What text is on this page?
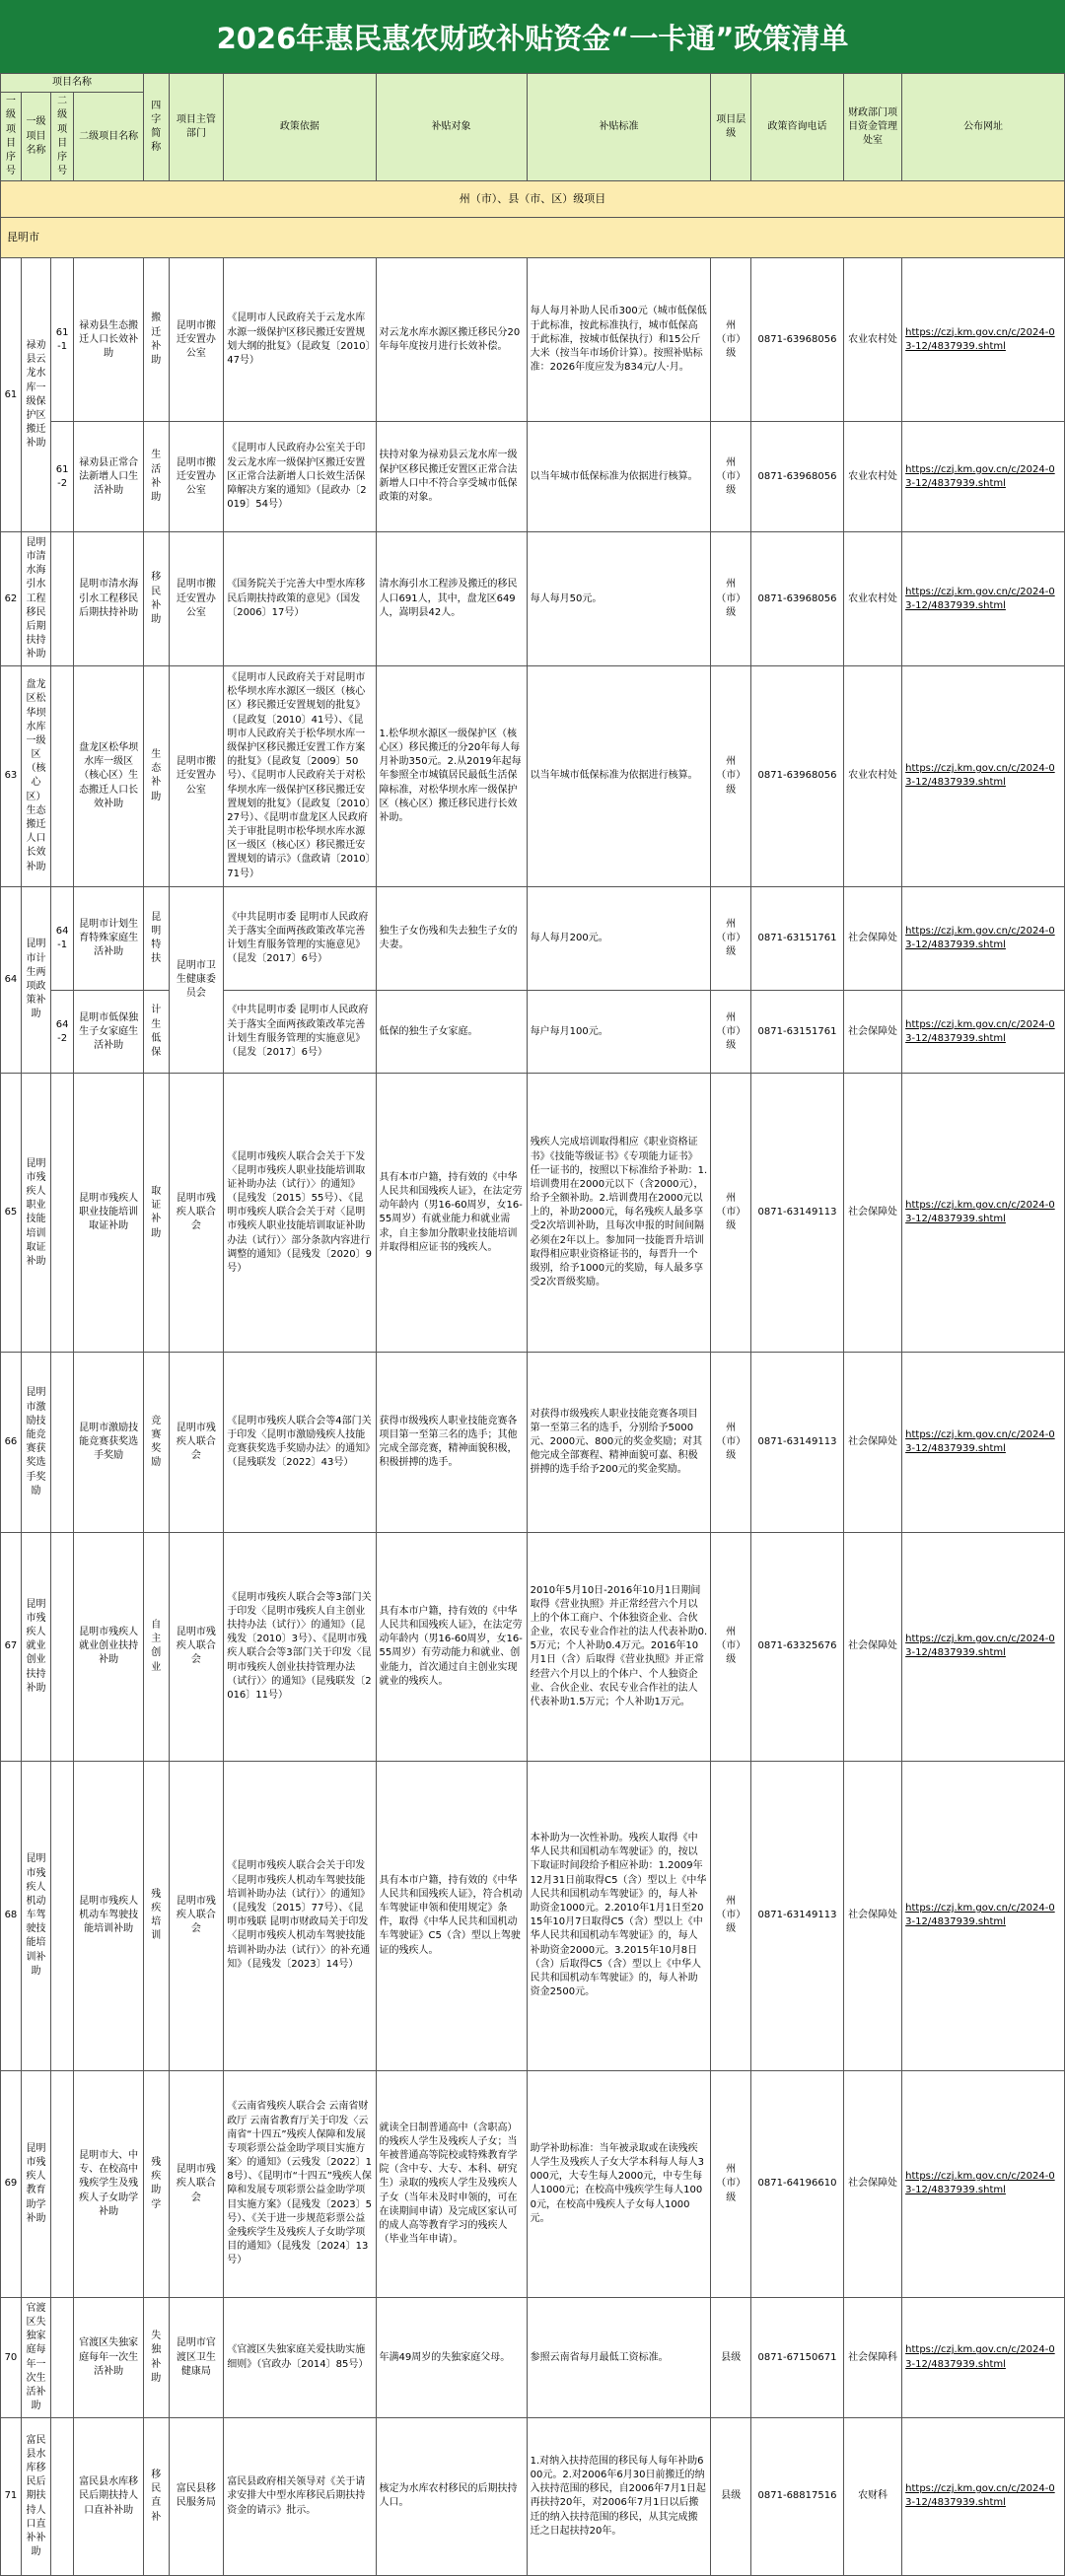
2026年惠民惠农财政补贴资金“一卡通”政策清单
项目名称				四字简称	项目主管部门	政策依据	补贴对象	补贴标准	项目层级	政策咨询电话	财政部门项目资金管理处室	公布网址
一级项目序号	一级项目名称	二级项目序号	二级项目名称									
州（市）、县（市、区）级项目												
昆明市												
61	禄劝县云龙水库一级保护区搬迁补助	61-1	禄劝县生态搬迁人口长效补助	搬迁补助	昆明市搬迁安置办公室	《昆明市人民政府关于云龙水库水源一级保护区移民搬迁安置规划大纲的批复》（昆政复〔2010〕47号）	对云龙水库水源区搬迁移民分20年每年度按月进行长效补偿。	每人每月补助人民币300元（城市低保低于此标准，按此标准执行，城市低保高于此标准，按城市低保执行）和15公斤大米（按当年市场价计算）。按照补贴标准：2026年度应发为834元/人·月。	州（市）级	0871-63968056	农业农村处	https://czj.km.gov.cn/c/2024-03-12/4837939.shtml
		61-2	禄劝县正常合法新增人口生活补助	生活补助	昆明市搬迁安置办公室	《昆明市人民政府办公室关于印发云龙水库一级保护区搬迁安置区正常合法新增人口长效生活保障解决方案的通知》（昆政办〔2019〕54号）	扶持对象为禄劝县云龙水库一级保护区移民搬迁安置区正常合法新增人口中不符合享受城市低保政策的对象。	以当年城市低保标准为依据进行核算。	州（市）级	0871-63968056	农业农村处	https://czj.km.gov.cn/c/2024-03-12/4837939.shtml
62	昆明市清水海引水工程移民后期扶持补助		昆明市清水海引水工程移民后期扶持补助	移民补助	昆明市搬迁安置办公室	《国务院关于完善大中型水库移民后期扶持政策的意见》（国发〔2006〕17号）	清水海引水工程涉及搬迁的移民人口691人，其中，盘龙区649人，嵩明县42人。	每人每月50元。	州（市）级	0871-63968056	农业农村处	https://czj.km.gov.cn/c/2024-03-12/4837939.shtml
63	盘龙区松华坝水库一级区（核心区）生态搬迁人口长效补助		盘龙区松华坝水库一级区（核心区）生态搬迁人口长效补助	生态补助	昆明市搬迁安置办公室	《昆明市人民政府关于对昆明市松华坝水库水源区一级区（核心区）移民搬迁安置规划的批复》（昆政复〔2010〕41号）、《昆明市人民政府关于松华坝水库一级保护区移民搬迁安置工作方案的批复》（昆政复〔2009〕50号）、《昆明市人民政府关于对松华坝水库一级保护区移民搬迁安置规划的批复》（昆政复〔2010〕27号）、《昆明市盘龙区人民政府关于审批昆明市松华坝水库水源区一级区（核心区）移民搬迁安置规划的请示》（盘政请〔2010〕71号）	1.松华坝水源区一级保护区（核心区）移民搬迁的分20年每人每月补助350元。2.从2019年起每年参照全市城镇居民最低生活保障标准，对松华坝水库一级保护区（核心区）搬迁移民进行长效补助。	以当年城市低保标准为依据进行核算。	州（市）级	0871-63968056	农业农村处	https://czj.km.gov.cn/c/2024-03-12/4837939.shtml
64	昆明市计生两项政策补助	64-1	昆明市计划生育特殊家庭生活补助	昆明特扶	昆明市卫生健康委员会	《中共昆明市委 昆明市人民政府关于落实全面两孩政策改革完善计划生育服务管理的实施意见》（昆发〔2017〕6号）	独生子女伤残和失去独生子女的夫妻。	每人每月200元。	州（市）级	0871-63151761	社会保障处	https://czj.km.gov.cn/c/2024-03-12/4837939.shtml
		64-2	昆明市低保独生子女家庭生活补助	计生低保		《中共昆明市委 昆明市人民政府关于落实全面两孩政策改革完善计划生育服务管理的实施意见》（昆发〔2017〕6号）	低保的独生子女家庭。	每户每月100元。	州（市）级	0871-63151761	社会保障处	https://czj.km.gov.cn/c/2024-03-12/4837939.shtml
65	昆明市残疾人职业技能培训取证补助		昆明市残疾人职业技能培训取证补助	取证补助	昆明市残疾人联合会	《昆明市残疾人联合会关于下发〈昆明市残疾人职业技能培训取证补助办法（试行）〉的通知》（昆残发〔2015〕55号）、《昆明市残疾人联合会关于对〈昆明市残疾人职业技能培训取证补助办法（试行）〉部分条款内容进行调整的通知》（昆残发〔2020〕9号）	具有本市户籍，持有效的《中华人民共和国残疾人证》，在法定劳动年龄内（男16-60周岁，女16-55周岁）有就业能力和就业需求，自主参加分散职业技能培训并取得相应证书的残疾人。	残疾人完成培训取得相应《职业资格证书》《技能等级证书》《专项能力证书》任一证书的，按照以下标准给予补助：1.培训费用在2000元以下（含2000元），给予全额补助。2.培训费用在2000元以上的，补助2000元，每名残疾人最多享受2次培训补助，且每次申报的时间间隔必须在2年以上。参加同一技能晋升培训取得相应职业资格证书的，每晋升一个级别，给予1000元的奖励，每人最多享受2次晋级奖励。	州（市）级	0871-63149113	社会保障处	https://czj.km.gov.cn/c/2024-03-12/4837939.shtml
66	昆明市激励技能竞赛获奖选手奖励		昆明市激励技能竞赛获奖选手奖励	竞赛奖励	昆明市残疾人联合会	《昆明市残疾人联合会等4部门关于印发〈昆明市激励残疾人技能竞赛获奖选手奖励办法〉的通知》（昆残联发〔2022〕43号）	获得市级残疾人职业技能竞赛各项目第一至第三名的选手；其他完成全部竞赛，精神面貌积极，积极拼搏的选手。	对获得市级残疾人职业技能竞赛各项目第一至第三名的选手，分别给予5000元、2000元、800元的奖金奖励；对其他完成全部赛程、精神面貌可嘉、积极拼搏的选手给予200元的奖金奖励。	州（市）级	0871-63149113	社会保障处	https://czj.km.gov.cn/c/2024-03-12/4837939.shtml
67	昆明市残疾人就业创业扶持补助		昆明市残疾人就业创业扶持补助	自主创业	昆明市残疾人联合会	《昆明市残疾人联合会等3部门关于印发〈昆明市残疾人自主创业扶持办法（试行）〉的通知》（昆残发〔2010〕3号）、《昆明市残疾人联合会等3部门关于印发〈昆明市残疾人创业扶持管理办法（试行）〉的通知》（昆残联发〔2016〕11号）	具有本市户籍，持有效的《中华人民共和国残疾人证》，在法定劳动年龄内（男16-60周岁，女16-55周岁）有劳动能力和就业、创业能力，首次通过自主创业实现就业的残疾人。	2010年5月10日-2016年10月1日期间取得《营业执照》并正常经营六个月以上的个体工商户、个体独资企业、合伙企业，农民专业合作社的法人代表补助0.5万元；个人补助0.4万元。2016年10月1日（含）后取得《营业执照》并正常经营六个月以上的个体户、个人独资企业、合伙企业、农民专业合作社的法人代表补助1.5万元；个人补助1万元。	州（市）级	0871-63325676	社会保障处	https://czj.km.gov.cn/c/2024-03-12/4837939.shtml
68	昆明市残疾人机动车驾驶技能培训补助		昆明市残疾人机动车驾驶技能培训补助	残疾培训	昆明市残疾人联合会	《昆明市残疾人联合会关于印发〈昆明市残疾人机动车驾驶技能培训补助办法（试行）〉的通知》（昆残发〔2015〕77号）、《昆明市残联 昆明市财政局关于印发〈昆明市残疾人机动车驾驶技能培训补助办法（试行）〉的补充通知》（昆残发〔2023〕14号）	具有本市户籍，持有效的《中华人民共和国残疾人证》，符合机动车驾驶证申领和使用规定》条件，取得《中华人民共和国机动车驾驶证》C5（含）型以上驾驶证的残疾人。	本补助为一次性补助。残疾人取得《中华人民共和国机动车驾驶证》的，按以下取证时间段给予相应补助：1.2009年12月31日前取得C5（含）型以上《中华人民共和国机动车驾驶证》的，每人补助资金1000元。2.2010年1月1日至2015年10月7日取得C5（含）型以上《中华人民共和国机动车驾驶证》的，每人补助资金2000元。3.2015年10月8日（含）后取得C5（含）型以上《中华人民共和国机动车驾驶证》的，每人补助资金2500元。	州（市）级	0871-63149113	社会保障处	https://czj.km.gov.cn/c/2024-03-12/4837939.shtml
69	昆明市残疾人教育助学补助		昆明市大、中专、在校高中残疾学生及残疾人子女助学补助	残疾助学	昆明市残疾人联合会	《云南省残疾人联合会 云南省财政厅 云南省教育厅关于印发〈云南省“十四五”残疾人保障和发展专项彩票公益金助学项目实施方案〉的通知》（云残发〔2022〕18号）、《昆明市“十四五”残疾人保障和发展专项彩票公益金助学项目实施方案》（昆残发〔2023〕5号）、《关于进一步规范彩票公益金残疾学生及残疾人子女助学项目的通知》（昆残发〔2024〕13号）	就读全日制普通高中（含职高）的残疾人学生及残疾人子女；当年被普通高等院校或特殊教育学院（含中专、大专、本科、研究生）录取的残疾人学生及残疾人子女（当年未及时申领的，可在在读期间申请）及完成区家认可的成人高等教育学习的残疾人（毕业当年申请）。	助学补助标准：当年被录取或在读残疾人学生及残疾人子女大学本科每人每人3000元，大专生每人2000元，中专生每人1000元；在校高中残疾学生每人1000元，在校高中残疾人子女每人1000元。	州（市）级	0871-64196610	社会保障处	https://czj.km.gov.cn/c/2024-03-12/4837939.shtml
70	官渡区失独家庭每年一次生活补助		官渡区失独家庭每年一次生活补助	失独补助	昆明市官渡区卫生健康局	《官渡区失独家庭关爱扶助实施细则》（官政办〔2014〕85号）	年满49周岁的失独家庭父母。	参照云南省每月最低工资标准。	县级	0871-67150671	社会保障科	https://czj.km.gov.cn/c/2024-03-12/4837939.shtml
71	富民县水库移民后期扶持人口直补补助		富民县水库移民后期扶持人口直补补助	移民直补	富民县移民服务局	富民县政府相关领导对《关于请求安排大中型水库移民后期扶持资金的请示》批示。	核定为水库农村移民的后期扶持人口。	1.对纳入扶持范围的移民每人每年补助600元。2.对2006年6月30日前搬迁的纳入扶持范围的移民，自2006年7月1日起再扶持20年，对2006年7月1日以后搬迁的纳入扶持范围的移民，从其完成搬迁之日起扶持20年。	县级	0871-68817516	农财科	https://czj.km.gov.cn/c/2024-03-12/4837939.shtml
